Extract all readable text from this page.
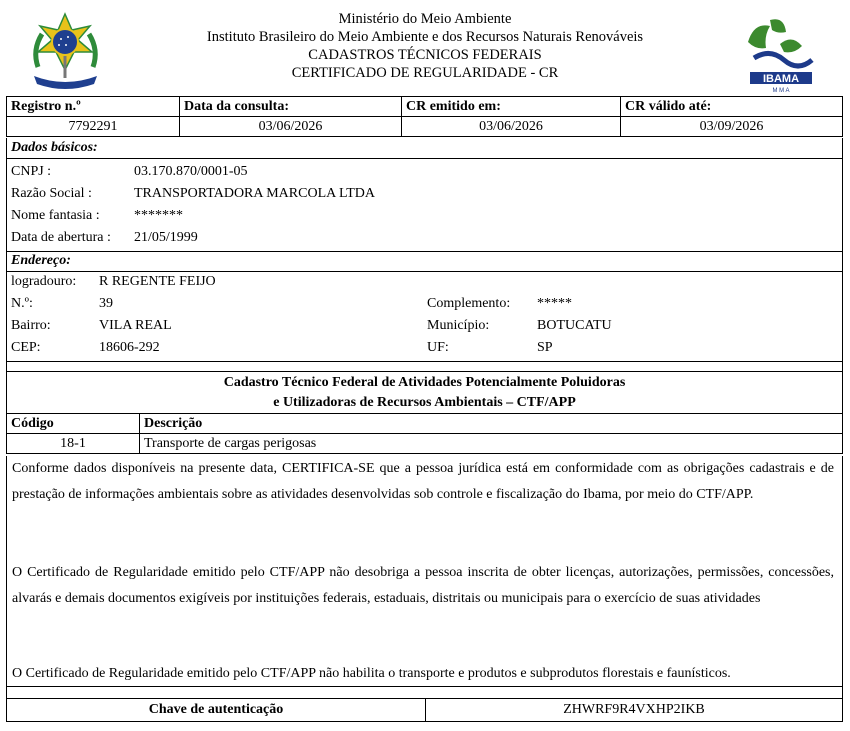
Ministério do Meio Ambiente
Instituto Brasileiro do Meio Ambiente e dos Recursos Naturais Renováveis
CADASTROS TÉCNICOS FEDERAIS
CERTIFICADO DE REGULARIDADE - CR	IBAMA
M M A
Registro n.º	Data da consulta:	CR emitido em:	CR válido até:
7792291	03/06/2026	03/06/2026	03/09/2026
Dados básicos:
CNPJ :	03.170.870/0001-05
Razão Social :	TRANSPORTADORA MARCOLA LTDA
Nome fantasia : *******
Data de abertura : 21/05/1999
Endereço:
logradouro: R REGENTE FEIJO
N.º:	39	Complemento: *****
Bairro:	VILA REAL	Município:	BOTUCATU
CEP:	18606-292	UF:	SP
Cadastro Técnico Federal de Atividades Potencialmente Poluidoras
e Utilizadoras de Recursos Ambientais – CTF/APP
Código	Descrição
18-1	Transporte de cargas perigosas
Conforme dados disponíveis na presente data, CERTIFICA-SE que a pessoa jurídica está em conformidade com as obrigações cadastrais e de prestação de informações ambientais sobre as atividades desenvolvidas sob controle e fiscalização do Ibama, por meio do CTF/APP.
O Certificado de Regularidade emitido pelo CTF/APP não desobriga a pessoa inscrita de obter licenças, autorizações, permissões, concessões, alvarás e demais documentos exigíveis por instituições federais, estaduais, distritais ou municipais para o exercício de suas atividades
O Certificado de Regularidade emitido pelo CTF/APP não habilita o transporte e produtos e subprodutos florestais e faunísticos.
Chave de autenticação	ZHWRF9R4VXHP2IKB
